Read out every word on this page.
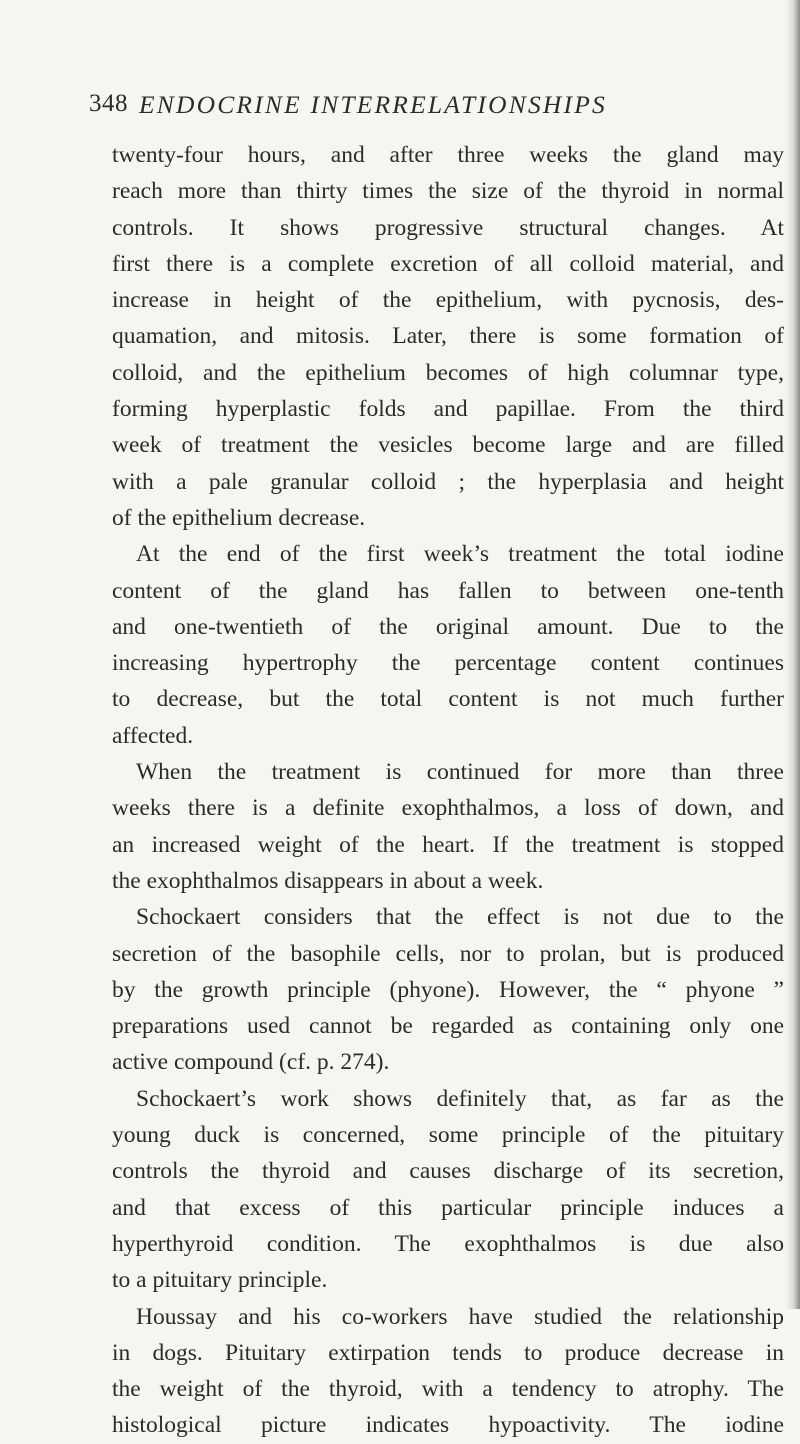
348 ENDOCRINE INTERRELATIONSHIPS
twenty-four hours, and after three weeks the gland may
reach more than thirty times the size of the thyroid in normal
controls. It shows progressive structural changes. At
first there is a complete excretion of all colloid material, and
increase in height of the epithelium, with pycnosis, des-
quamation, and mitosis. Later, there is some formation of
colloid, and the epithelium becomes of high columnar type,
forming hyperplastic folds and papillae. From the third
week of treatment the vesicles become large and are filled
with a pale granular colloid ; the hyperplasia and height
of the epithelium decrease.
At the end of the first week’s treatment the total iodine
content of the gland has fallen to between one-tenth
and one-twentieth of the original amount. Due to the
increasing hypertrophy the percentage content continues
to decrease, but the total content is not much further
affected.
When the treatment is continued for more than three
weeks there is a definite exophthalmos, a loss of down, and
an increased weight of the heart. If the treatment is stopped
the exophthalmos disappears in about a week.
Schockaert considers that the effect is not due to the
secretion of the basophile cells, nor to prolan, but is produced
by the growth principle (phyone). However, the “ phyone ”
preparations used cannot be regarded as containing only one
active compound (cf. p. 274).
Schockaert’s work shows definitely that, as far as the
young duck is concerned, some principle of the pituitary
controls the thyroid and causes discharge of its secretion,
and that excess of this particular principle induces a
hyperthyroid condition. The exophthalmos is due also
to a pituitary principle.
Houssay and his co-workers have studied the relationship
in dogs. Pituitary extirpation tends to produce decrease in
the weight of the thyroid, with a tendency to atrophy. The
histological picture indicates hypoactivity. The iodine
